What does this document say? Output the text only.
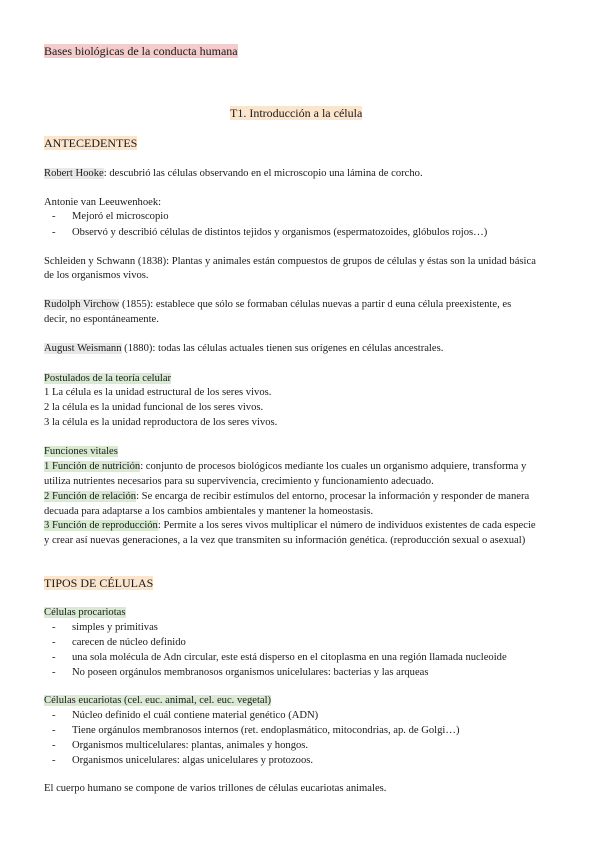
Bases biológicas de la conducta humana
T1. Introducción a la célula
ANTECEDENTES
Robert Hooke: descubrió las células observando en el microscopio una lámina de corcho.
Antonie van Leeuwenhoek:
- Mejoró el microscopio
- Observó y describió células de distintos tejidos y organismos (espermatozoides, glóbulos rojos…)
Schleiden y Schwann (1838): Plantas y animales están compuestos de grupos de células y éstas son la unidad básica
de los organismos vivos.
Rudolph Virchow (1855): establece que sólo se formaban células nuevas a partir d euna célula preexistente, es
decir, no espontáneamente.
August Weismann (1880): todas las células actuales tienen sus orígenes en células ancestrales.
Postulados de la teoría celular
1 La célula es la unidad estructural de los seres vivos.
2 la célula es la unidad funcional de los seres vivos.
3 la célula es la unidad reproductora de los seres vivos.
Funciones vitales
1 Función de nutrición: conjunto de procesos biológicos mediante los cuales un organismo adquiere, transforma y
utiliza nutrientes necesarios para su supervivencia, crecimiento y funcionamiento adecuado.
2 Función de relación: Se encarga de recibir estímulos del entorno, procesar la información y responder de manera
decuada para adaptarse a los cambios ambientales y mantener la homeostasis.
3 Función de reproducción: Permite a los seres vivos multiplicar el número de individuos existentes de cada especie
y crear así nuevas generaciones, a la vez que transmiten su información genética. (reproducción sexual o asexual)
TIPOS DE CÉLULAS
Células procariotas
- simples y primitivas
- carecen de núcleo definido
- una sola molécula de Adn circular, este está disperso en el citoplasma en una región llamada nucleoide
- No poseen orgánulos membranosos organismos unicelulares: bacterias y las arqueas
Células eucariotas (cel. euc. animal, cel. euc. vegetal)
- Núcleo definido el cuál contiene material genético (ADN)
- Tiene orgánulos membranosos internos (ret. endoplasmático, mitocondrias, ap. de Golgi…)
- Organismos multicelulares: plantas, animales y hongos.
- Organismos unicelulares: algas unicelulares y protozoos.
El cuerpo humano se compone de varios trillones de células eucariotas animales.
